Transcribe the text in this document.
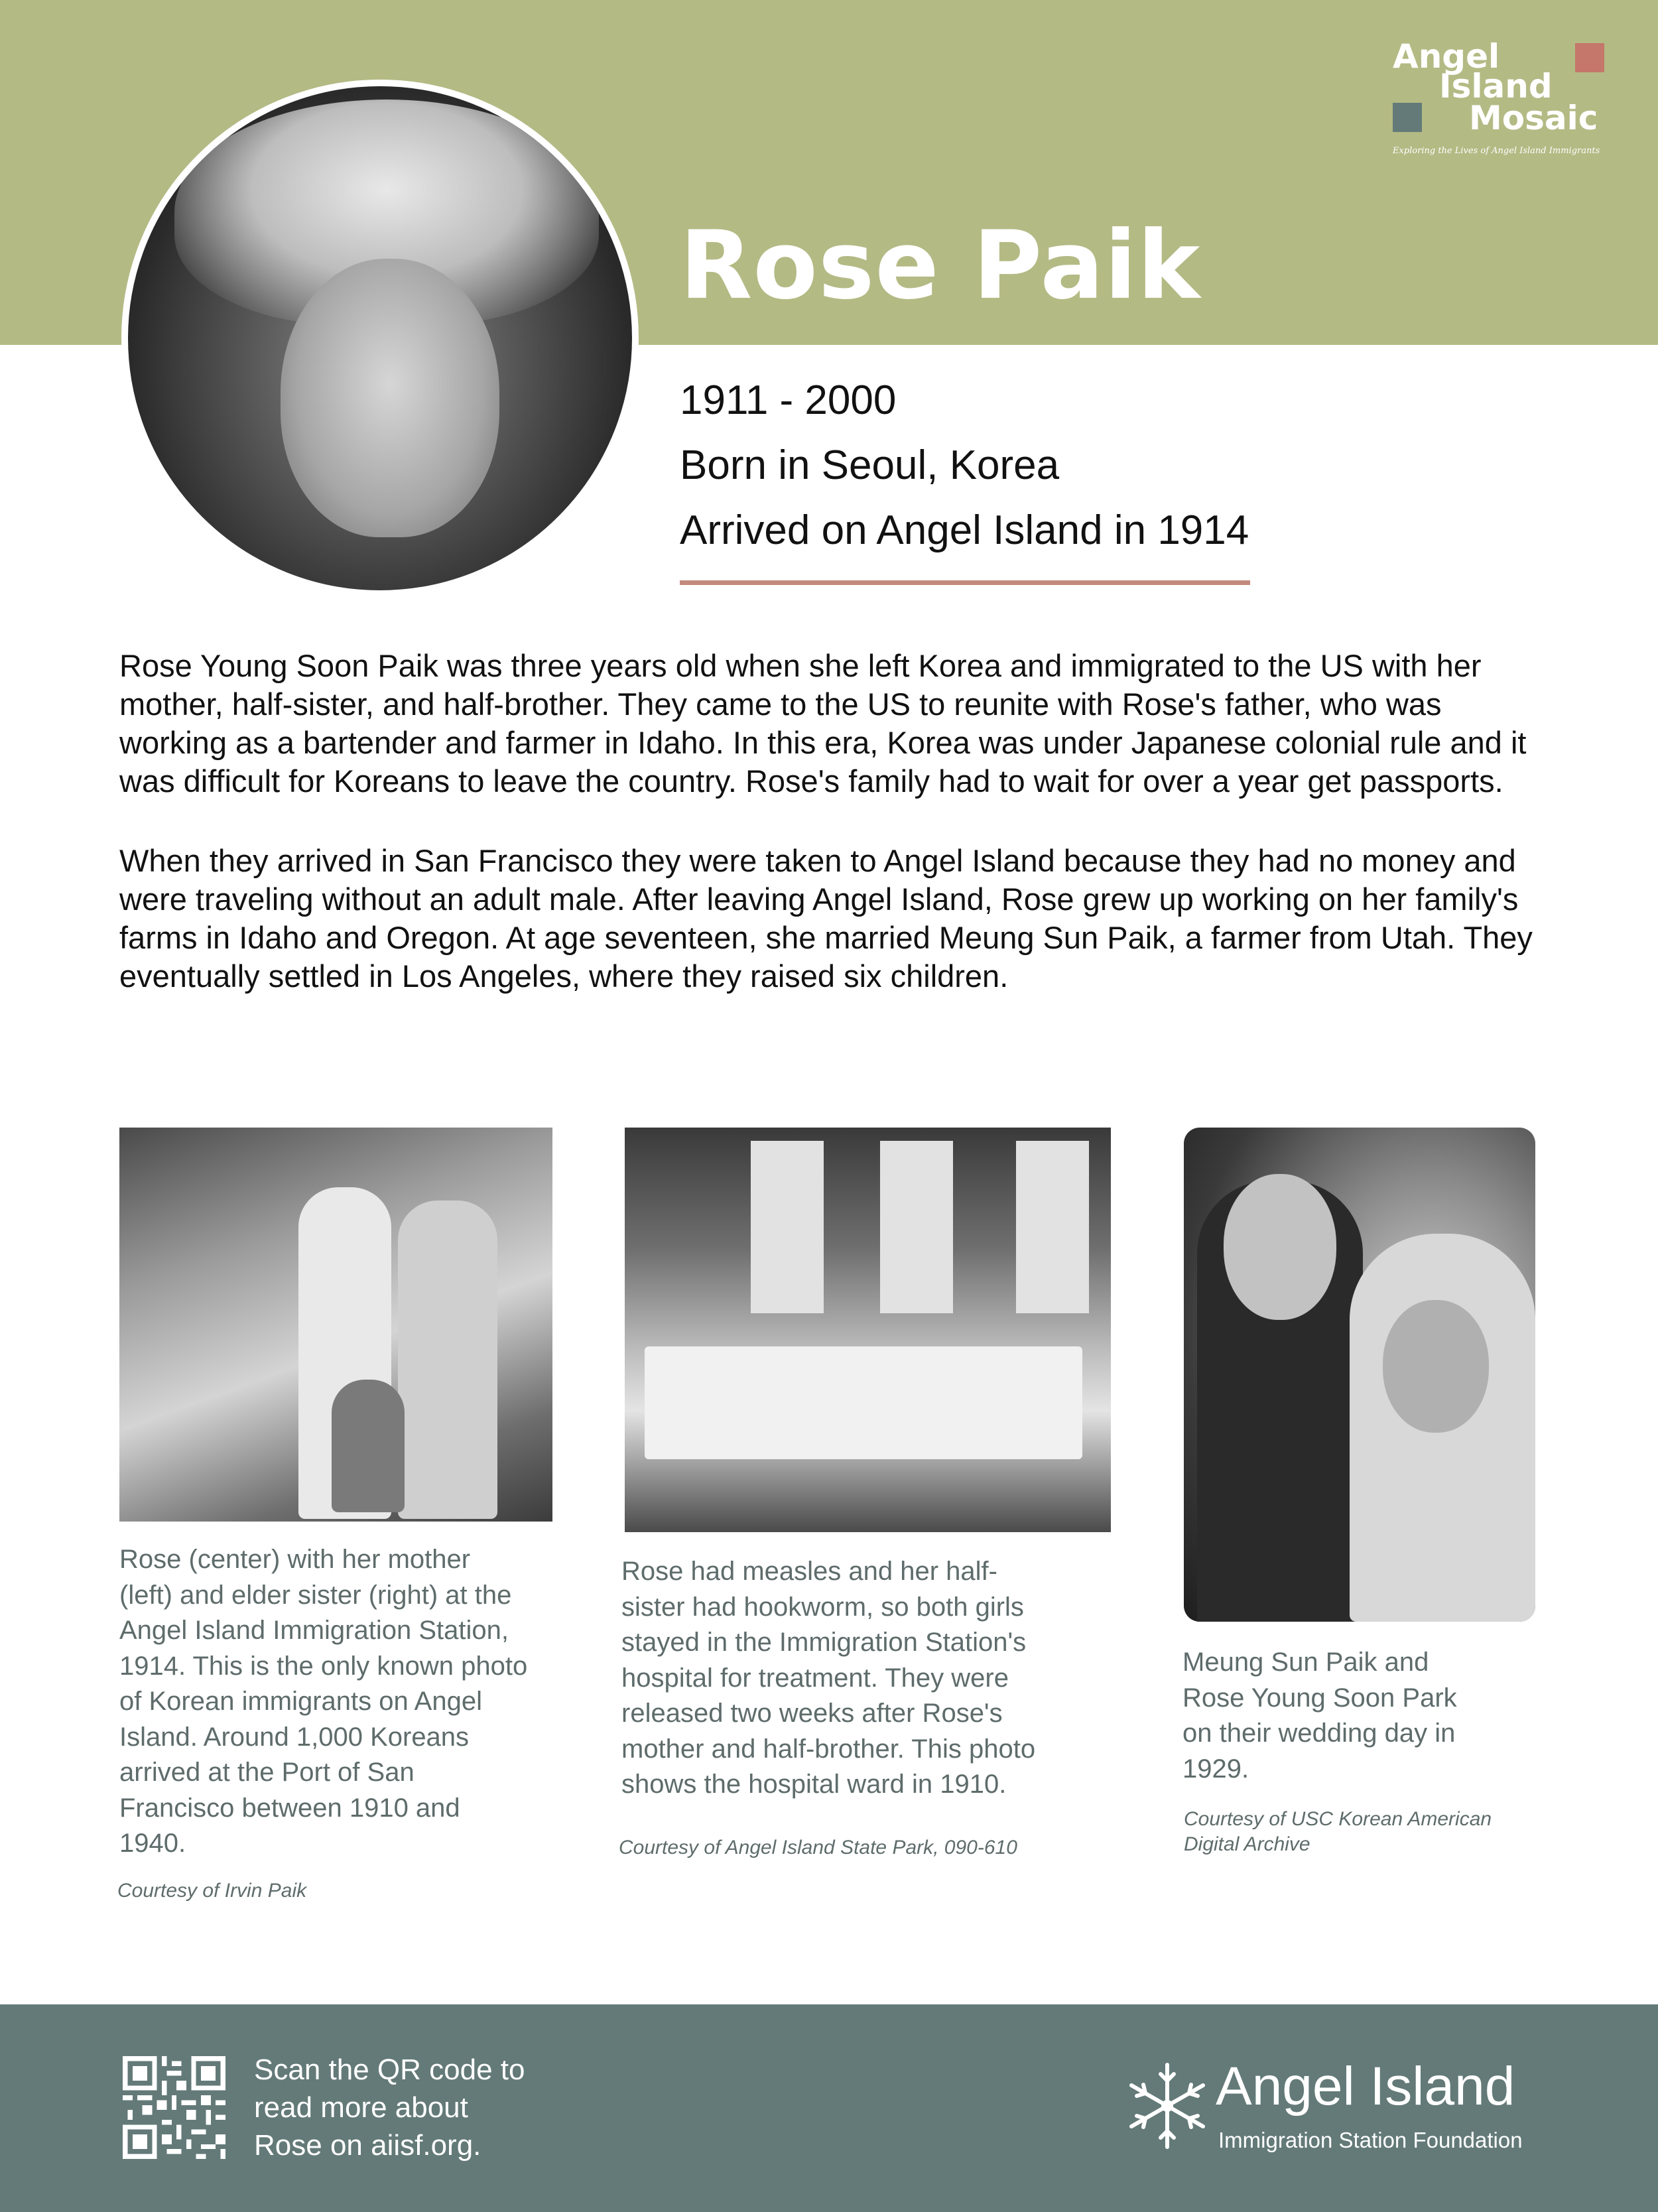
Rose Paik
Angel
Island
Mosaic
Exploring the Lives of Angel Island Immigrants
1911 - 2000
Born in Seoul, Korea
Arrived on Angel Island in 1914

Rose Young Soon Paik was three years old when she left Korea and immigrated to the US with her mother, half-sister, and half-brother. They came to the US to reunite with Rose's father, who was working as a bartender and farmer in Idaho. In this era, Korea was under Japanese colonial rule and it was difficult for Koreans to leave the country. Rose's family had to wait for over a year get passports.

When they arrived in San Francisco they were taken to Angel Island because they had no money and were traveling without an adult male. After leaving Angel Island, Rose grew up working on her family's farms in Idaho and Oregon. At age seventeen, she married Meung Sun Paik, a farmer from Utah. They eventually settled in Los Angeles, where they raised six children.

Rose (center) with her mother
(left) and elder sister (right) at the
Angel Island Immigration Station,
1914. This is the only known photo
of Korean immigrants on Angel
Island. Around 1,000 Koreans
arrived at the Port of San
Francisco between 1910 and
1940.

Courtesy of Irvin Paik

Rose had measles and her half-
sister had hookworm, so both girls
stayed in the Immigration Station's
hospital for treatment. They were
released two weeks after Rose's
mother and half-brother. This photo
shows the hospital ward in 1910.

Courtesy of Angel Island State Park, 090-610

Meung Sun Paik and
Rose Young Soon Park
on their wedding day in
1929.

Courtesy of USC Korean American
Digital Archive

Scan the QR code to
read more about
Rose on aiisf.org.
Angel Island
Immigration Station Foundation
